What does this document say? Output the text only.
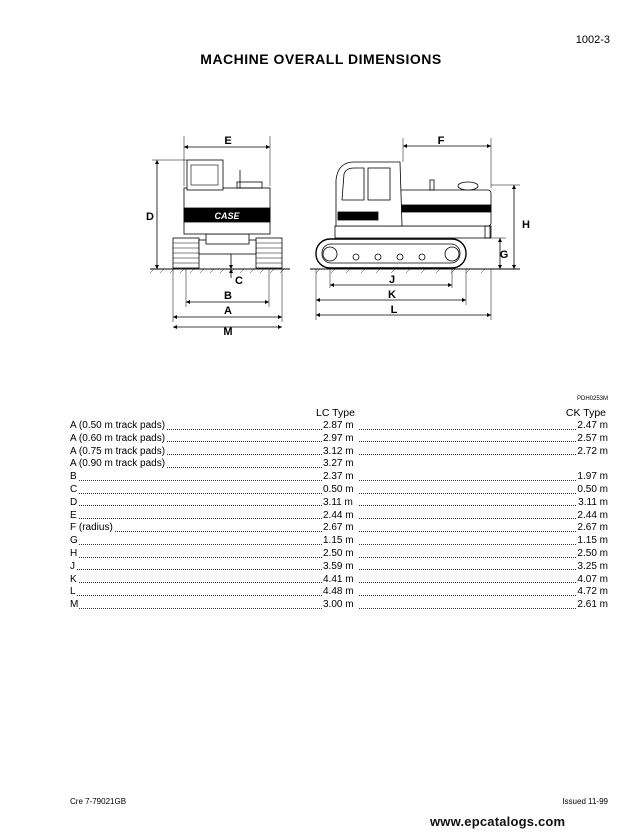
1002-3
MACHINE OVERALL DIMENSIONS
CASE
1188
E
D
C
B
A
M
F
H
G
J
K
L
PDH0253M
LC Type	CK Type
A (0.50 m track pads)	2.87 m	2.47 m
A (0.60 m track pads)	2.97 m	2.57 m
A (0.75 m track pads)	3.12 m	2.72 m
A (0.90 m track pads)	3.27 m
B	2.37 m	1.97 m
C	0.50 m	0.50 m
D	3.11 m	3.11 m
E	2.44 m	2.44 m
F (radius)	2.67 m	2.67 m
G	1.15 m	1.15 m
H	2.50 m	2.50 m
J	3.59 m	3.25 m
K	4.41 m	4.07 m
L	4.48 m	4.72 m
M	3.00 m	2.61 m
Cre 7-79021GB	Issued 11-99
www.epcatalogs.com
